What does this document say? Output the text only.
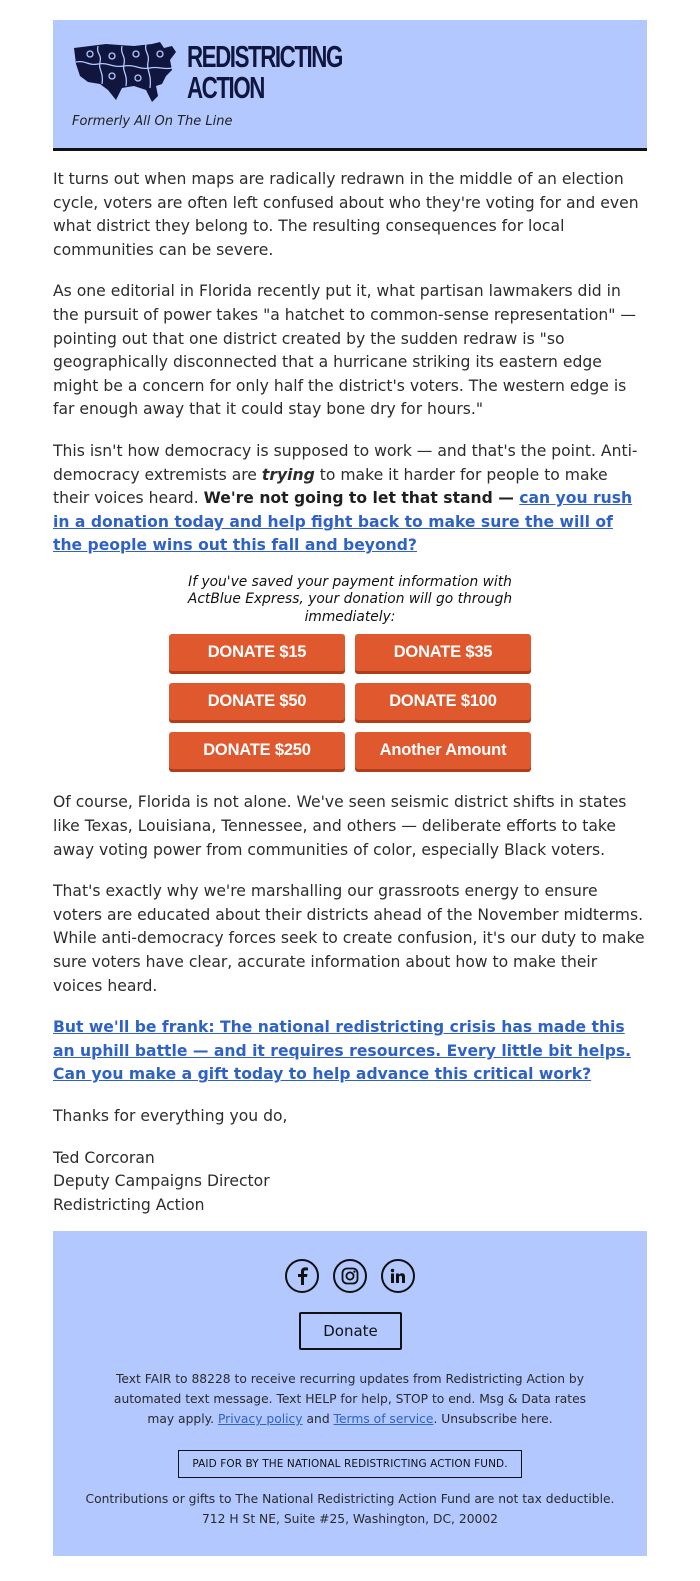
REDISTRICTING
ACTION
Formerly All On The Line

It turns out when maps are radically redrawn in the middle of an election cycle, voters are often left confused about who they're voting for and even what district they belong to. The resulting consequences for local communities can be severe.

As one editorial in Florida recently put it, what partisan lawmakers did in the pursuit of power takes "a hatchet to common-sense representation" — pointing out that one district created by the sudden redraw is "so geographically disconnected that a hurricane striking its eastern edge might be a concern for only half the district's voters. The western edge is far enough away that it could stay bone dry for hours."

This isn't how democracy is supposed to work — and that's the point. Anti-democracy extremists are trying to make it harder for people to make their voices heard. We're not going to let that stand — can you rush in a donation today and help fight back to make sure the will of the people wins out this fall and beyond?

If you've saved your payment information with ActBlue Express, your donation will go through immediately:
DONATE $15	DONATE $35
DONATE $50	DONATE $100
DONATE $250	Another Amount

Of course, Florida is not alone. We've seen seismic district shifts in states like Texas, Louisiana, Tennessee, and others — deliberate efforts to take away voting power from communities of color, especially Black voters.

That's exactly why we're marshalling our grassroots energy to ensure voters are educated about their districts ahead of the November midterms. While anti-democracy forces seek to create confusion, it's our duty to make sure voters have clear, accurate information about how to make their voices heard.

But we'll be frank: The national redistricting crisis has made this an uphill battle — and it requires resources. Every little bit helps. Can you make a gift today to help advance this critical work?

Thanks for everything you do,

Ted Corcoran

Deputy Campaigns Director

Redistricting Action

Donate
Text FAIR to 88228 to receive recurring updates from Redistricting Action by automated text message. Text HELP for help, STOP to end. Msg & Data rates may apply. Privacy policy and Terms of service. Unsubscribe here.
PAID FOR BY THE NATIONAL REDISTRICTING ACTION FUND.
Contributions or gifts to The National Redistricting Action Fund are not tax deductible.
712 H St NE, Suite #25, Washington, DC, 20002
